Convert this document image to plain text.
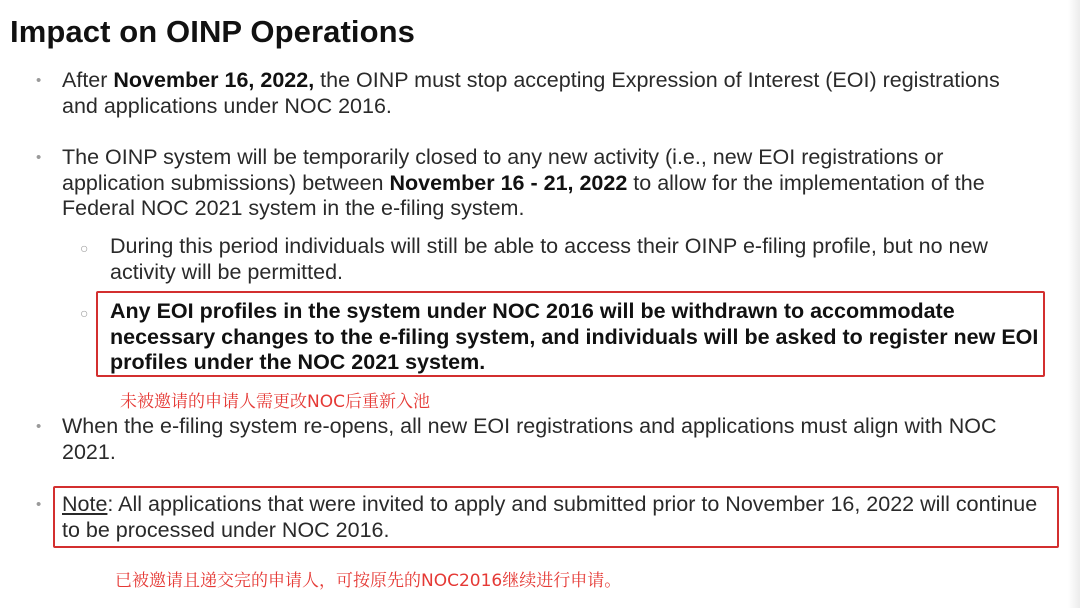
Impact on OINP Operations
• After November 16, 2022, the OINP must stop accepting Expression of Interest (EOI) registrations and applications under NOC 2016.
• The OINP system will be temporarily closed to any new activity (i.e., new EOI registrations or application submissions) between November 16 - 21, 2022 to allow for the implementation of the Federal NOC 2021 system in the e-filing system.
○ During this period individuals will still be able to access their OINP e-filing profile, but no new activity will be permitted.
○ Any EOI profiles in the system under NOC 2016 will be withdrawn to accommodate necessary changes to the e-filing system, and individuals will be asked to register new EOI profiles under the NOC 2021 system.
未被邀请的申请人需更改NOC后重新入池
• When the e-filing system re-opens, all new EOI registrations and applications must align with NOC 2021.
• Note: All applications that were invited to apply and submitted prior to November 16, 2022 will continue to be processed under NOC 2016.
已被邀请且递交完的申请人，可按原先的NOC2016继续进行申请。
